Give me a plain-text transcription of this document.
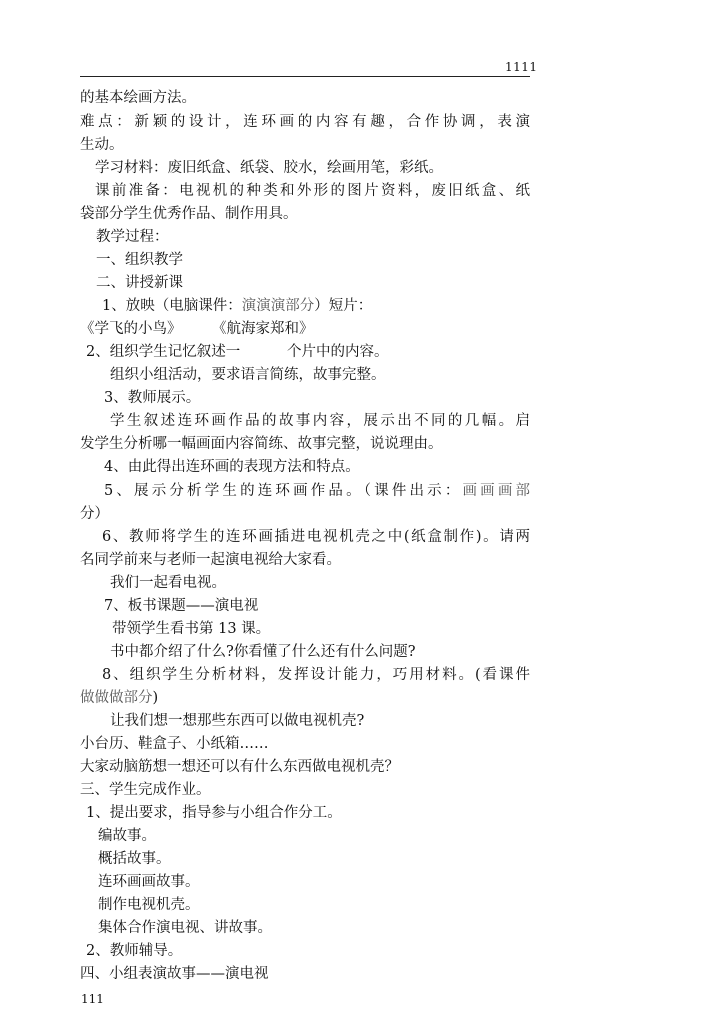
1111
的基本绘画方法。
难点：新颖的设计，连环画的内容有趣，合作协调，表演
生动。
学习材料：废旧纸盒、纸袋、胶水，绘画用笔，彩纸。
课前准备：电视机的种类和外形的图片资料，废旧纸盒、纸
袋部分学生优秀作品、制作用具。
教学过程：
一、组织教学
二、讲授新课
1、放映（电脑课件：演演演部分）短片：
《学飞的小鸟》 《航海家郑和》
2、组织学生记忆叙述一	个片中的内容。
组织小组活动，要求语言简练，故事完整。
3、教师展示。
学生叙述连环画作品的故事内容，展示出不同的几幅。启
发学生分析哪一幅画面内容简练、故事完整，说说理由。
4、由此得出连环画的表现方法和特点。
5、展示分析学生的连环画作品。（课件出示：画画画部
分）
6、教师将学生的连环画插进电视机壳之中(纸盒制作)。请两
名同学前来与老师一起演电视给大家看。
我们一起看电视。
7、板书课题——演电视
带领学生看书第 13 课。
书中都介绍了什么?你看懂了什么还有什么问题?
8、组织学生分析材料，发挥设计能力，巧用材料。(看课件
做做做部分)
让我们想一想那些东西可以做电视机壳?
小台历、鞋盒子、小纸箱……
大家动脑筋想一想还可以有什么东西做电视机壳？
三、学生完成作业。
1、提出要求，指导参与小组合作分工。
编故事。
概括故事。
连环画画故事。
制作电视机壳。
集体合作演电视、讲故事。
2、教师辅导。
四、小组表演故事——演电视
111
